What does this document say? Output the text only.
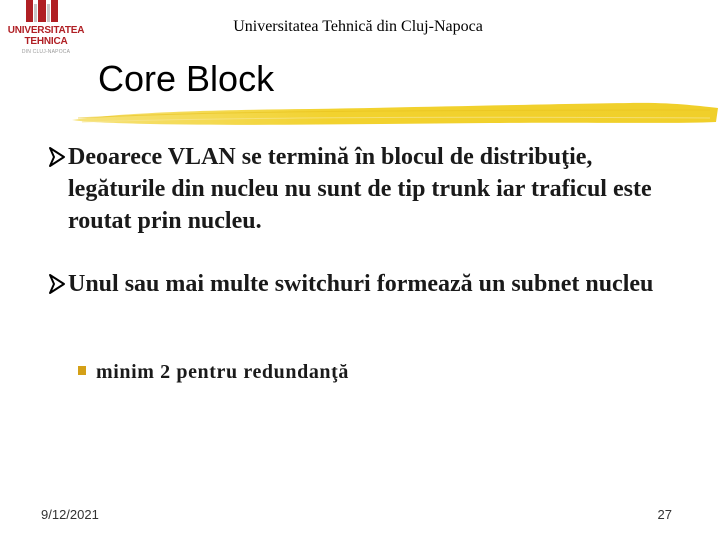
UNIVERSITATEA
TEHNICA
DIN CLUJ-NAPOCA
Universitatea Tehnică din Cluj-Napoca
Core Block
Deoarece VLAN se termină în blocul de distribuţie, legăturile din nucleu nu sunt de tip trunk iar traficul este routat prin nucleu.
Unul sau mai multe switchuri formează un subnet nucleu
minim 2 pentru redundanţă
9/12/2021	27
